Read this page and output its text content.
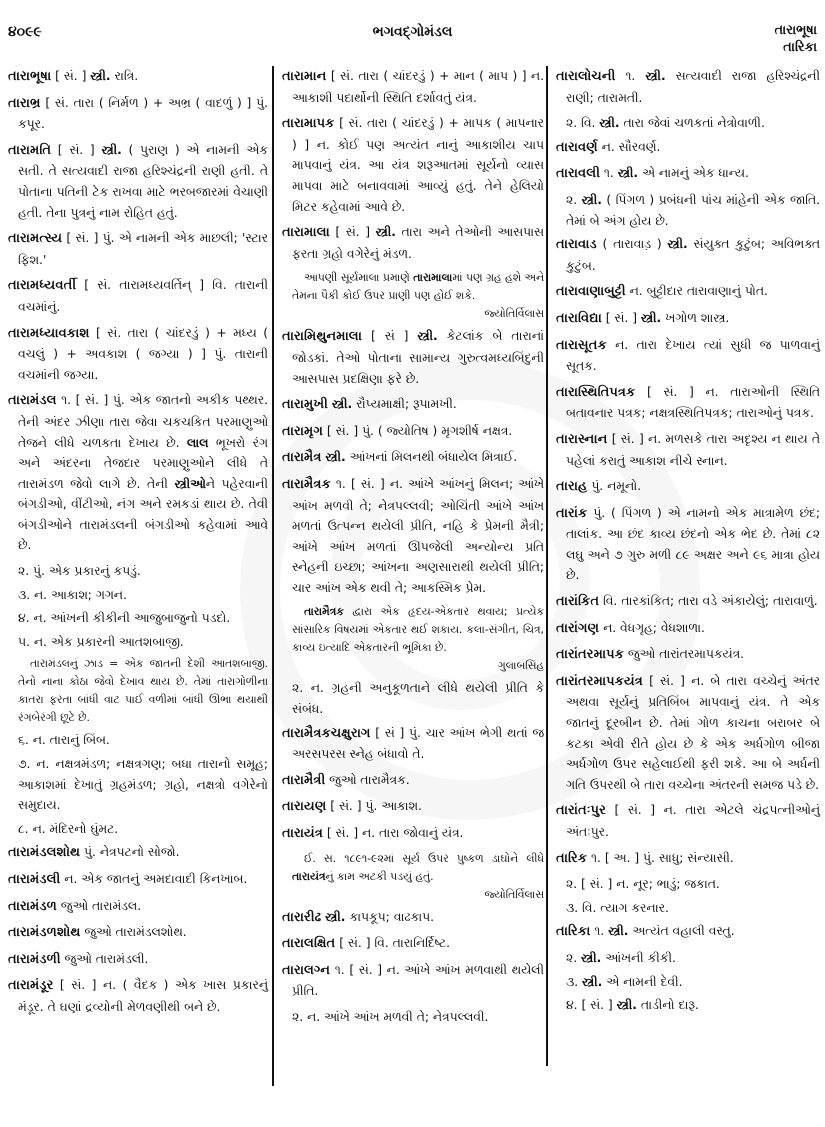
૪૦૯૯	ભગવદ્ગોમંડલ	તારાભૂષા
તારિકા
તારાભૂષા [ સં. ] સ્ત્રી. રાત્રિ.
તારાભ્ર [ સં. તારા ( નિર્મળ ) + અભ્ર ( વાદળું ) ] પું. કપૂર.
તારામતિ [ સં. ] સ્ત્રી. ( પુરાણ ) એ નામની એક સતી. તે સત્યવાદી રાજા હરિશ્ચંદ્રની રાણી હતી. તે પોતાના પતિની ટેક રાખવા માટે ભરબજારમાં વેચાણી હતી. તેના પુત્રનું નામ રોહિત હતું.
તારામત્સ્ય [ સં. ] પું. એ નામની એક માછલી; 'સ્ટાર ફિશ.'
તારામધ્યવર્તી [ સં. તારામધ્યવર્તિન્ ] વિ. તારાની વચમાંનું.
તારામધ્યાવકાશ [ સં. તારા ( ચાંદરડું ) + મધ્ય ( વચલું ) + અવકાશ ( જગ્યા ) ] પું. તારાની વચમાંની જગ્યા.
તારામંડલ ૧. [ સં. ] પું. એક જાતનો અકીક પથ્થર. તેની અંદર ઝીણા તારા જેવા ચકચકિત પરમાણુઓ તેજને લીધે ચળકતા દેખાય છે. લાલ ભૂખરો રંગ અને અંદરના તેજદાર પરમાણુઓને લીધે તે તારામંડળ જેવો લાગે છે. તેની સ્ત્રીઓને પહેરવાની બંગડીઓ, વીંટીઓ, નંગ અને રમકડાં થાય છે. તેવી બંગડીઓને તારામંડલની બંગડીઓ કહેવામાં આવે છે.
૨. પું. એક પ્રકારનું કપડું.
૩. ન. આકાશ; ગગન.
૪. ન. આંખની કીકીની આજુબાજુનો પડદો.
૫. ન. એક પ્રકારની આતશબાજી.
તારામંડલનું ઝાડ = એક જાતની દેશી આતશબાજી. તેનો નાના કોઠા જેવો દેખાવ થાય છે. તેમાં તારાગોળીના કાતરા ફરતા બાંધી વાટ પાઈ વળીમાં બાંધી ઊભા થયાથી રંગબેરંગી છૂટે છે.
૬. ન. તારાનું બિંબ.
૭. ન. નક્ષત્રમંડળ; નક્ષત્રગણ; બધા તારાનો સમૂહ; આકાશમાં દેખાતું ગ્રહમંડળ; ગ્રહો, નક્ષત્રો વગેરેનો સમુદાય.
૮. ન. મંદિરનો ઘુંમટ.
તારામંડલશોથ પું. નેત્રપટનો સોજો.
તારામંડલી ન. એક જાતનું અમદાવાદી કિનખાબ.
તારામંડળ જુઓ તારામંડલ.
તારામંડળશોથ જુઓ તારામંડલશોથ.
તારામંડળી જુઓ તારામંડલી.
તારામંડૂર [ સં. ] ન. ( વૈદક ) એક ખાસ પ્રકારનું મંડૂર. તે ઘણાં દ્રવ્યોની મેળવણીથી બને છે.
તારામાન [ સં. તારા ( ચાંદરડું ) + માન ( માપ ) ] ન. આકાશી પદાર્થોની સ્થિતિ દર્શાવતું યંત્ર.
તારામાપક [ સં. તારા ( ચાંદરડું ) + માપક ( માપનાર ) ] ન. કોઈ પણ અત્યંત નાનું આકાશીય ચાપ માપવાનું યંત્ર. આ યંત્ર શરૂઆતમાં સૂર્યનો વ્યાસ માપવા માટે બનાવવામાં આવ્યું હતું. તેને હેલિયો મિટર કહેવામાં આવે છે.
તારામાલા [ સં. ] સ્ત્રી. તારા અને તેઓની આસપાસ ફરતા ગ્રહો વગેરેનું મંડળ.
આપણી સૂર્યમાલા પ્રમાણે તારામાલામાં પણ ગ્રહ હશે અને તેમના પૈકી કોઈ ઉપર પ્રાણી પણ હોઈ શકે.
જ્યોતિર્વિલાસ
તારામિથુનમાલા [ સં ] સ્ત્રી. કેટલાંક બે તારાનાં જોડકાં. તેઓ પોતાના સામાન્ય ગુરુત્વમધ્યબિંદુની આસપાસ પ્રદક્ષિણા ફરે છે.
તારામુખી સ્ત્રી. રૌપ્યમાક્ષી; રૂપામખી.
તારામૃગ [ સં. ] પું. ( જ્યોતિષ ) મૃગશીર્ષ નક્ષત્ર.
તારામૈત્ર સ્ત્રી. આંખનાં મિલનથી બંધાયેલ મિત્રાઈ.
તારામૈત્રક ૧. [ સં. ] ન. આંખે આંખનું મિલન; આંખે આંખ મળવી તે; નેત્રપલ્લવી; ઓચિંતી આંખે આંખ મળતાં ઉત્પન્ન થયેલી પ્રીતિ, નહિ કે પ્રેમની મૈત્રી; આંખે આંખ મળતાં ઊપજેલી અન્યોન્ય પ્રતિ સ્નેહની ઇચ્છા; આંખના અણસારાથી થયેલી પ્રીતિ; ચાર આંખ એક થવી તે; આકસ્મિક પ્રેમ.
તારામૈત્રક દ્વારા એક હૃદય-એકતાર થવાય; પ્રત્યેક સાંસારિક વિષયમાં એકતાર થઈ શકાય. કલા-સંગીત, ચિત્ર, કાવ્ય ઇત્યાદિ એકતારની ભૂમિકા છે.
ગુલાબસિંહ
૨. ન. ગ્રહની અનુકૂળતાને લીધે થયેલી પ્રીતિ કે સંબંધ.
તારામૈત્રકચક્ષુરાગ [ સં ] પું. ચાર આંખ ભેગી થતાં જ અરસપરસ સ્નેહ બંધાવો તે.
તારામૈત્રી જુઓ તારામૈત્રક.
તારાયણ [ સં. ] પું. આકાશ.
તારાયંત્ર [ સં. ] ન. તારા જોવાનું યંત્ર.
ઈ. સ. ૧૮૯૧-૯૨માં સૂર્ય ઉપર પુષ્કળ ડાઘોને લીધે તારાયંત્રનું કામ અટકી પડયું હતું.
જ્યોતિર્વિલાસ
તારારીઢ સ્ત્રી. કાપકૂપ; વાઢકાપ.
તારાલક્ષિત [ સં. ] વિ. તારાનિર્દિષ્ટ.
તારાલગ્ન ૧. [ સં. ] ન. આંખે આંખ મળવાથી થયેલી પ્રીતિ.
૨. ન. આંખે આંખ મળવી તે; નેત્રપલ્લવી.
તારાલોચની ૧. સ્ત્રી. સત્યવાદી રાજા હરિશ્ચંદ્રની રાણી; તારામતી.
૨. વિ. સ્ત્રી. તારા જેવાં ચળકતાં નેત્રોવાળી.
તારાવર્ણ ન. સૌરવર્ણ.
તારાવલી ૧. સ્ત્રી. એ નામનું એક ધાન્ય.
૨. સ્ત્રી. ( પિંગળ ) પ્રબંધની પાંચ માંહેની એક જાતિ. તેમાં બે અંગ હોય છે.
તારાવાડ ( તારાવાડ઼ ) સ્ત્રી. સંયુક્ત કુટુંબ; અવિભક્ત કુટુંબ.
તારાવાણાબુટ્ટી ન. બુટ્ટીદાર તારાવાણાનું પોત.
તારાવિદ્યા [ સં. ] સ્ત્રી. ખગોળ શાસ્ત્ર.
તારાસૂતક ન. તારા દેખાય ત્યાં સુધી જ પાળવાનું સૂતક.
તારાસ્થિતિપત્રક [ સં. ] ન. તારાઓની સ્થિતિ બતાવનાર પત્રક; નક્ષત્રસ્થિતિપત્રક; તારાઓનું પત્રક.
તારાસ્નાન [ સં. ] ન. મળસકે તારા અદૃશ્ય ન થાય તે પહેલાં કરાતું આકાશ નીચે સ્નાન.
તારાહ પું. નમૂનો.
તારાંક પું. ( પિંગળ ) એ નામનો એક માત્રામેળ છંદ; તાલાંક. આ છંદ કાવ્ય છંદનો એક ભેદ છે. તેમાં ૮૨ લઘુ અને ૭ ગુરુ મળી ૮૯ અક્ષર અને ૯૬ માત્રા હોય છે.
તારાંકિત વિ. તારકાંકિત; તારા વડે અંકાયેલું; તારાવાળું.
તારાંગણ ન. વેધગૃહ; વેધશાળા.
તારાંતરમાપક જુઓ તારાંતરમાપકયંત્ર.
તારાંતરમાપકયંત્ર [ સં. ] ન. બે તારા વચ્ચેનું અંતર અથવા સૂર્યનું પ્રતિબિંબ માપવાનું યંત્ર. તે એક જાતનું દૂરબીન છે. તેમાં ગોળ કાચના બરાબર બે કટકા એવી રીતે હોય છે કે એક અર્ધગોળ બીજા અર્ધગોળ ઉપર સહેલાઈથી ફરી શકે. આ બે અર્ધની ગતિ ઉપરથી બે તારા વચ્ચેના અંતરની સમજ પડે છે.
તારાંતઃપુર [ સં. ] ન. તારા એટલે ચંદ્રપત્નીઓનું અંતઃપુર.
તારિક ૧. [ અ. ] પું. સાધુ; સંન્યાસી.
૨. [ સં. ] ન. નૂર; ભાડું; જકાત.
૩. વિ. ત્યાગ કરનાર.
તારિકા ૧. સ્ત્રી. અત્યંત વહાલી વસ્તુ.
૨. સ્ત્રી. આંખની કીકી.
૩. સ્ત્રી. એ નામની દેવી.
૪. [ સં. ] સ્ત્રી. તાડીનો દારૂ.
